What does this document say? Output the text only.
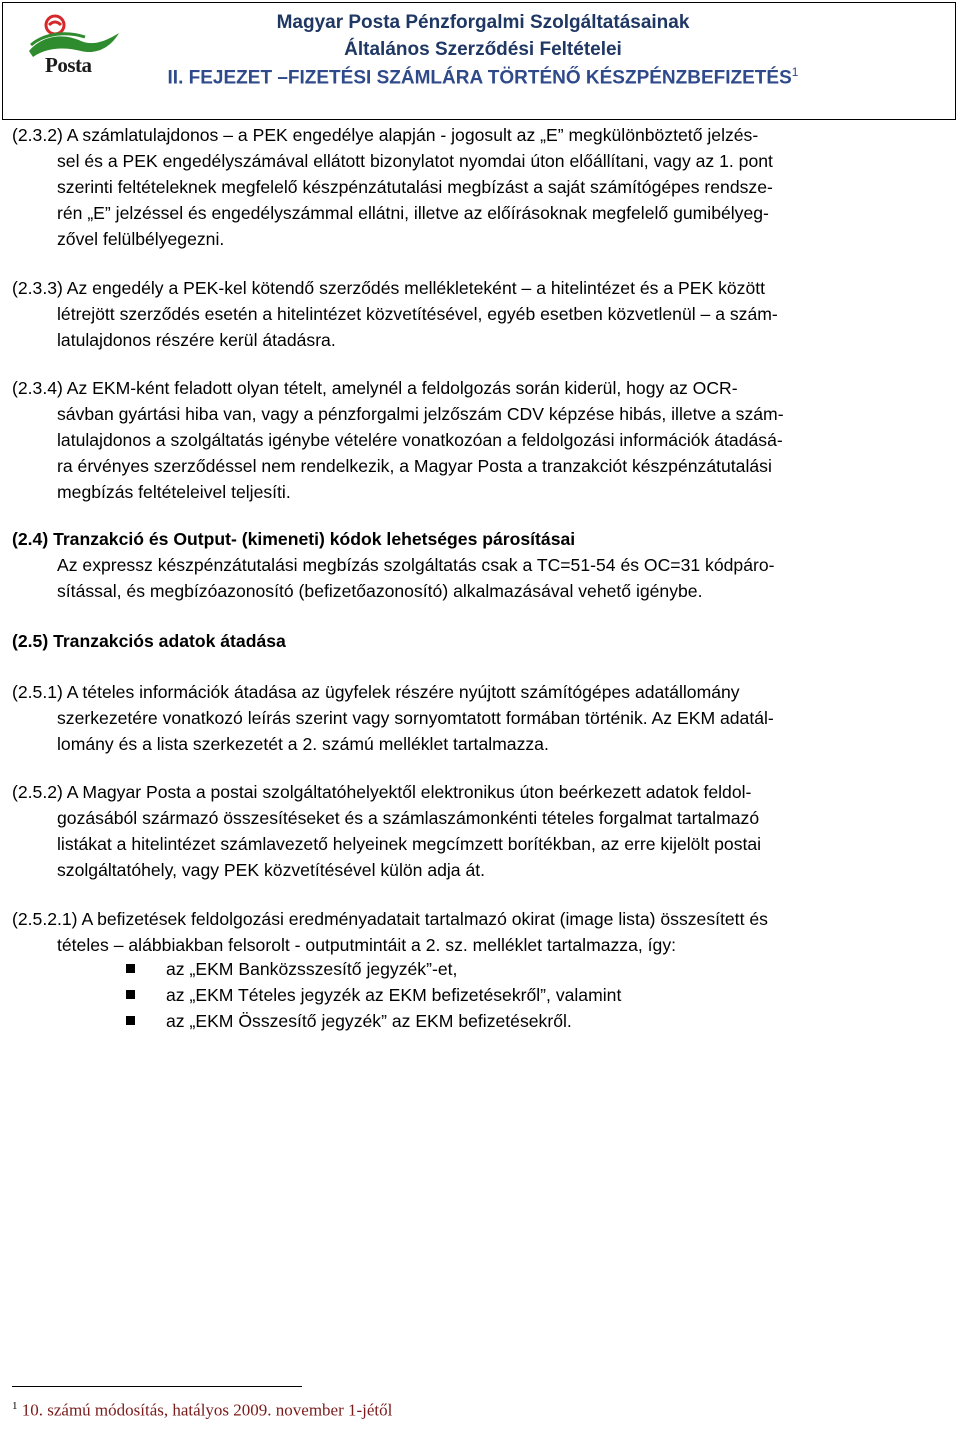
Posta
Magyar Posta Pénzforgalmi Szolgáltatásainak
Általános Szerződési Feltételei
II. FEJEZET –FIZETÉSI SZÁMLÁRA TÖRTÉNŐ KÉSZPÉNZBEFIZETÉS$^1$
(2.3.2) A számlatulajdonos – a PEK engedélye alapján - jogosult az „E” megkülönböztető jelzés-
sel és a PEK engedélyszámával ellátott bizonylatot nyomdai úton előállítani, vagy az 1. pont
szerinti feltételeknek megfelelő készpénzátutalási megbízást a saját számítógépes rendsze-
rén „E” jelzéssel és engedélyszámmal ellátni, illetve az előírásoknak megfelelő gumibélyeg-
zővel felülbélyegezni.
(2.3.3) Az engedély a PEK-kel kötendő szerződés mellékleteként – a hitelintézet és a PEK között
létrejött szerződés esetén a hitelintézet közvetítésével, egyéb esetben közvetlenül – a szám-
latulajdonos részére kerül átadásra.
(2.3.4) Az EKM-ként feladott olyan tételt, amelynél a feldolgozás során kiderül, hogy az OCR-
sávban gyártási hiba van, vagy a pénzforgalmi jelzőszám CDV képzése hibás, illetve a szám-
latulajdonos a szolgáltatás igénybe vételére vonatkozóan a feldolgozási információk átadásá-
ra érvényes szerződéssel nem rendelkezik, a Magyar Posta a tranzakciót készpénzátutalási
megbízás feltételeivel teljesíti.
(2.4) Tranzakció és Output- (kimeneti) kódok lehetséges párosításai
Az expressz készpénzátutalási megbízás szolgáltatás csak a TC=51-54 és OC=31 kódpáro-
sítással, és megbízóazonosító (befizetőazonosító) alkalmazásával vehető igénybe.
(2.5) Tranzakciós adatok átadása
(2.5.1) A tételes információk átadása az ügyfelek részére nyújtott számítógépes adatállomány
szerkezetére vonatkozó leírás szerint vagy sornyomtatott formában történik. Az EKM adatál-
lomány és a lista szerkezetét a 2. számú melléklet tartalmazza.
(2.5.2) A Magyar Posta a postai szolgáltatóhelyektől elektronikus úton beérkezett adatok feldol-
gozásából származó összesítéseket és a számlaszámonkénti tételes forgalmat tartalmazó
listákat a hitelintézet számlavezető helyeinek megcímzett borítékban, az erre kijelölt postai
szolgáltatóhely, vagy PEK közvetítésével külön adja át.
(2.5.2.1) A befizetések feldolgozási eredményadatait tartalmazó okirat (image lista) összesített és
tételes – alábbiakban felsorolt - outputmintáit a 2. sz. melléklet tartalmazza, így:
az „EKM Banközsszesítő jegyzék”-et,
az „EKM Tételes jegyzék az EKM befizetésekről”, valamint
az „EKM Összesítő jegyzék” az EKM befizetésekről.
$^1$ 10. számú módosítás, hatályos 2009. november 1-jétől
